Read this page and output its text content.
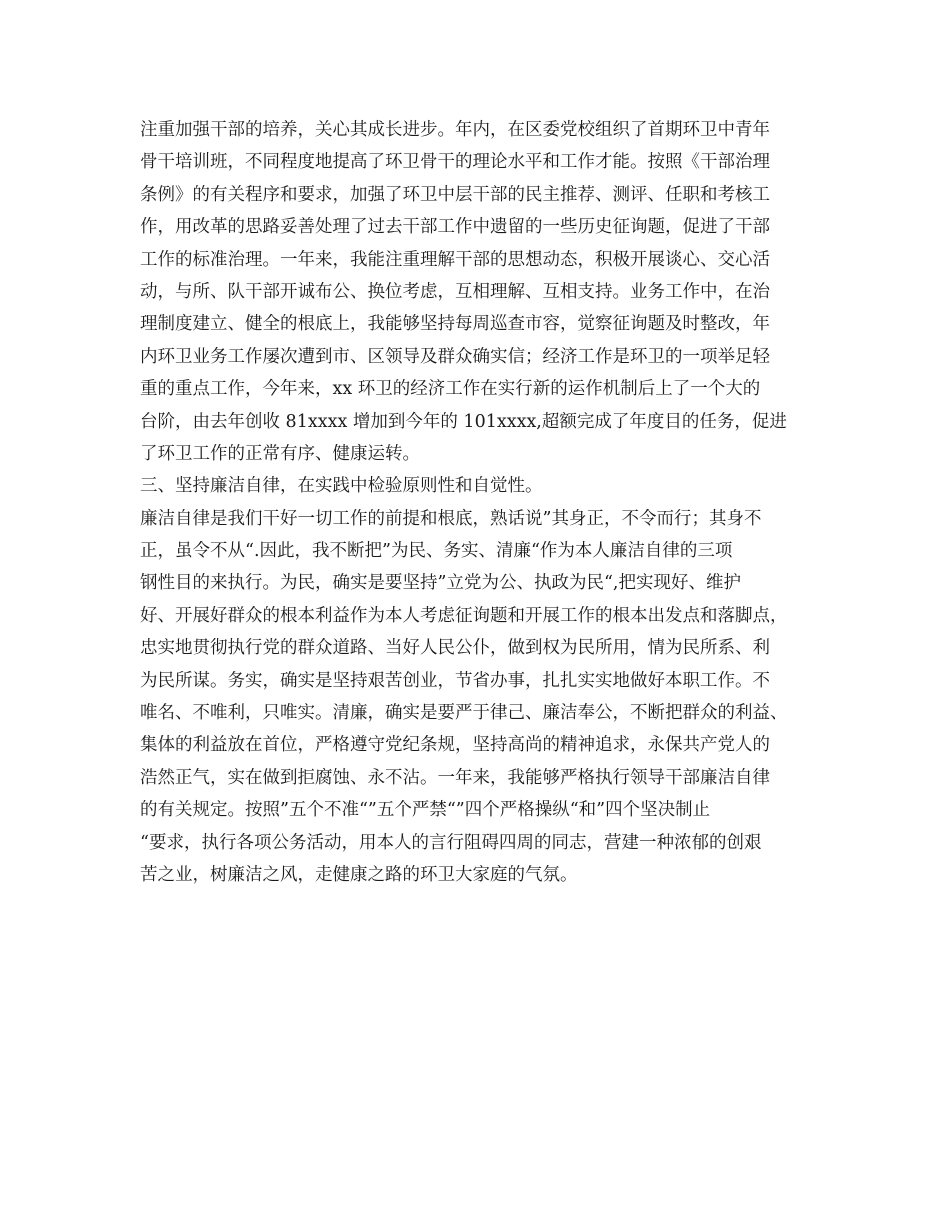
注重加强干部的培养，关心其成长进步。年内，在区委党校组织了首期环卫中青年
骨干培训班，不同程度地提高了环卫骨干的理论水平和工作才能。按照《干部治理
条例》的有关程序和要求，加强了环卫中层干部的民主推荐、测评、任职和考核工
作，用改革的思路妥善处理了过去干部工作中遗留的一些历史征询题，促进了干部
工作的标准治理。一年来，我能注重理解干部的思想动态，积极开展谈心、交心活
动，与所、队干部开诚布公、换位考虑，互相理解、互相支持。业务工作中，在治
理制度建立、健全的根底上，我能够坚持每周巡查市容，觉察征询题及时整改，年
内环卫业务工作屡次遭到市、区领导及群众确实信；经济工作是环卫的一项举足轻
重的重点工作，今年来，xx 环卫的经济工作在实行新的运作机制后上了一个大的
台阶，由去年创收 81xxxx 增加到今年的 101xxxx,超额完成了年度目的任务，促进
了环卫工作的正常有序、健康运转。
三、坚持廉洁自律，在实践中检验原则性和自觉性。
廉洁自律是我们干好一切工作的前提和根底，熟话说”其身正，不令而行；其身不
正，虽令不从“.因此，我不断把”为民、务实、清廉“作为本人廉洁自律的三项
钢性目的来执行。为民，确实是要坚持”立党为公、执政为民“,把实现好、维护
好、开展好群众的根本利益作为本人考虑征询题和开展工作的根本出发点和落脚点，
忠实地贯彻执行党的群众道路、当好人民公仆，做到权为民所用，情为民所系、利
为民所谋。务实，确实是坚持艰苦创业，节省办事，扎扎实实地做好本职工作。不
唯名、不唯利，只唯实。清廉，确实是要严于律己、廉洁奉公，不断把群众的利益、
集体的利益放在首位，严格遵守党纪条规，坚持高尚的精神追求，永保共产党人的
浩然正气，实在做到拒腐蚀、永不沾。一年来，我能够严格执行领导干部廉洁自律
的有关规定。按照”五个不准“”五个严禁“”四个严格操纵“和”四个坚决制止
“要求，执行各项公务活动，用本人的言行阻碍四周的同志，营建一种浓郁的创艰
苦之业，树廉洁之风，走健康之路的环卫大家庭的气氛。
